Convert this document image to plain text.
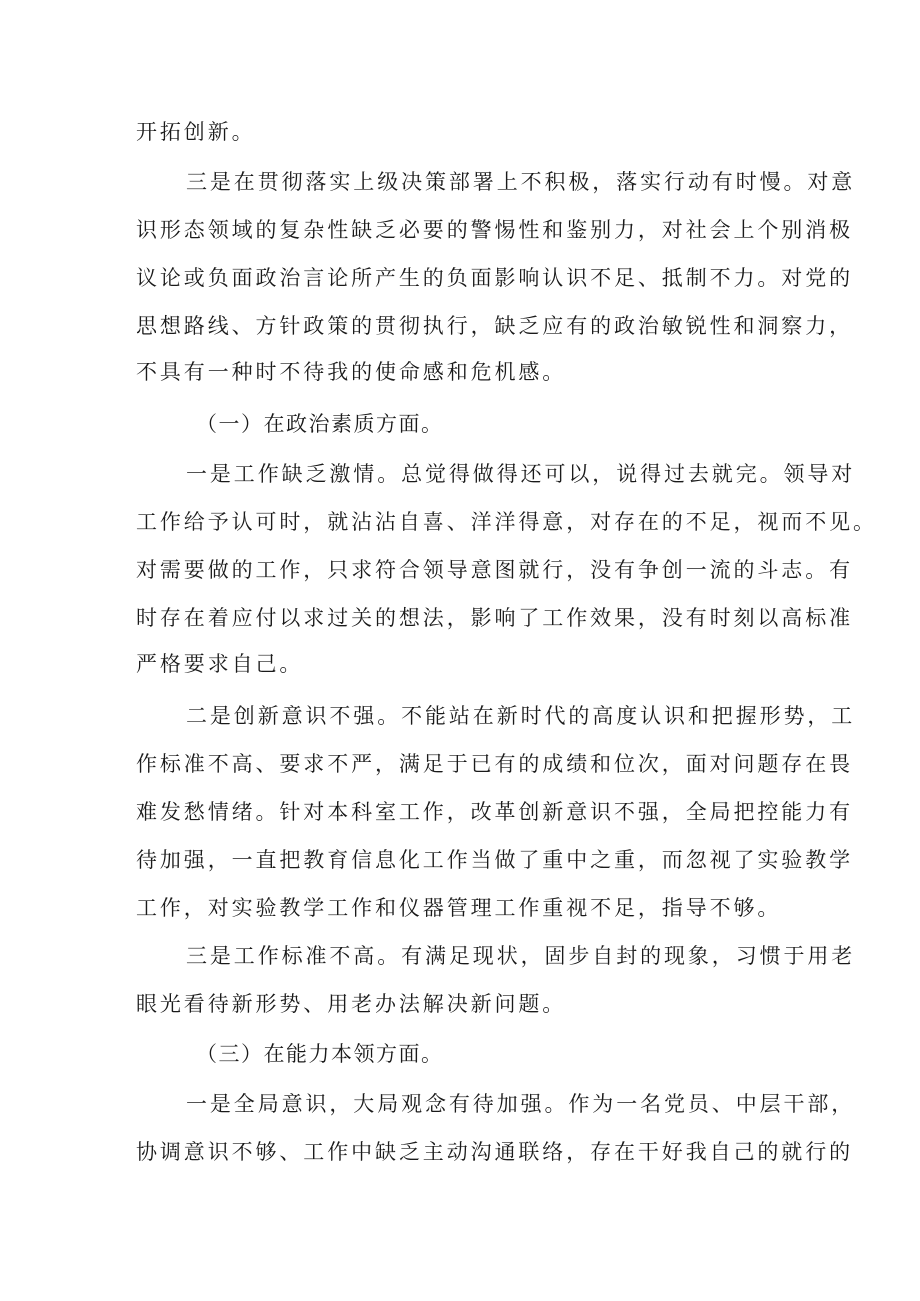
开拓创新。
三是在贯彻落实上级决策部署上不积极，落实行动有时慢。对意
识形态领域的复杂性缺乏必要的警惕性和鉴别力，对社会上个别消极
议论或负面政治言论所产生的负面影响认识不足、抵制不力。对党的
思想路线、方针政策的贯彻执行，缺乏应有的政治敏锐性和洞察力，
不具有一种时不待我的使命感和危机感。
（一）在政治素质方面。
一是工作缺乏激情。总觉得做得还可以，说得过去就完。领导对
工作给予认可时，就沾沾自喜、洋洋得意，对存在的不足，视而不见。
对需要做的工作，只求符合领导意图就行，没有争创一流的斗志。有
时存在着应付以求过关的想法，影响了工作效果，没有时刻以高标准
严格要求自己。
二是创新意识不强。不能站在新时代的高度认识和把握形势，工
作标准不高、要求不严，满足于已有的成绩和位次，面对问题存在畏
难发愁情绪。针对本科室工作，改革创新意识不强，全局把控能力有
待加强，一直把教育信息化工作当做了重中之重，而忽视了实验教学
工作，对实验教学工作和仪器管理工作重视不足，指导不够。
三是工作标准不高。有满足现状，固步自封的现象，习惯于用老
眼光看待新形势、用老办法解决新问题。
（三）在能力本领方面。
一是全局意识，大局观念有待加强。作为一名党员、中层干部，
协调意识不够、工作中缺乏主动沟通联络，存在干好我自己的就行的
